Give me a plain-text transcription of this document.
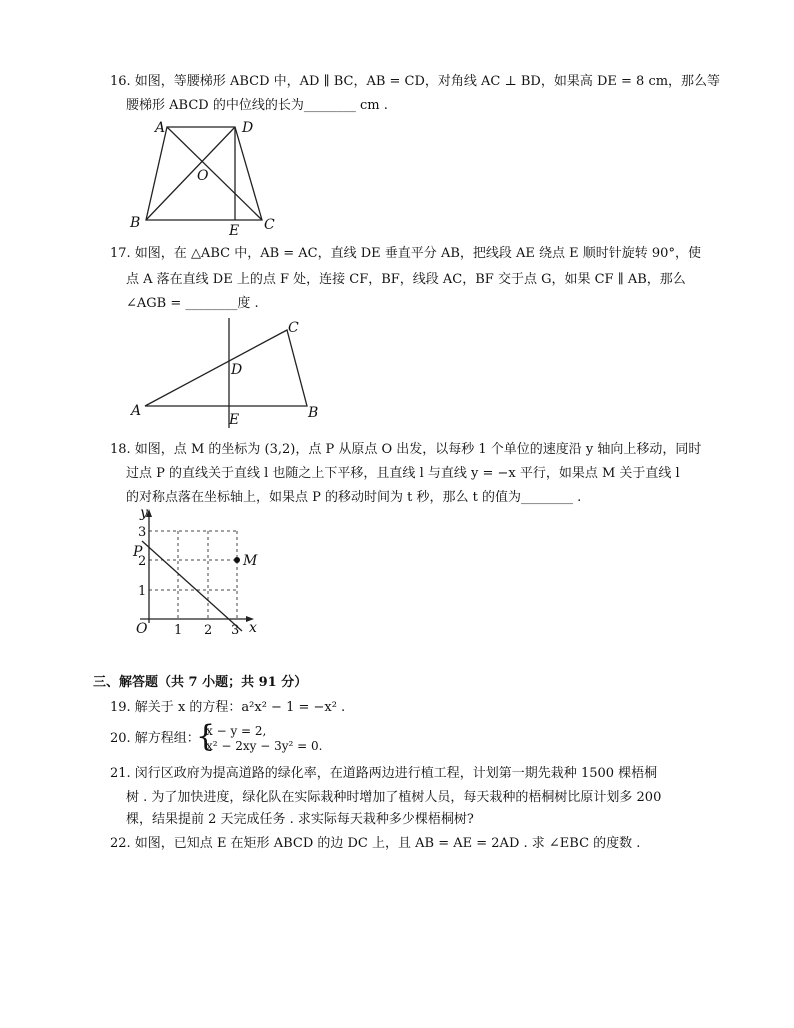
16. 如图，等腰梯形 ABCD 中，AD ∥ BC，AB = CD，对角线 AC ⊥ BD，如果高 DE = 8 cm，那么等
腰梯形 ABCD 的中位线的长为________ cm .
A	D
O
B	E C
17. 如图，在 △ABC 中，AB = AC，直线 DE 垂直平分 AB，把线段 AE 绕点 E 顺时针旋转 90°，使
点 A 落在直线 DE 上的点 F 处，连接 CF，BF，线段 AC，BF 交于点 G，如果 CF ∥ AB，那么
∠AGB = ________度 .
A	B
C
D
E
18. 如图，点 M 的坐标为 (3,2)，点 P 从原点 O 出发，以每秒 1 个单位的速度沿 y 轴向上移动，同时
过点 P 的直线关于直线 l 也随之上下平移，且直线 l 与直线 y = −x 平行，如果点 M 关于直线 l
的对称点落在坐标轴上，如果点 P 的移动时间为 t 秒，那么 t 的值为________ .
y
x
P
M
O
3
2
1
1 2 3
三、解答题（共 7 小题；共 91 分）
19. 解关于 x 的方程：a²x² − 1 = −x² .
20. 解方程组：
{
x − y = 2,
x² − 2xy − 3y² = 0.
21. 闵行区政府为提高道路的绿化率，在道路两边进行植工程，计划第一期先栽种 1500 棵梧桐
树 . 为了加快进度，绿化队在实际栽种时增加了植树人员，每天栽种的梧桐树比原计划多 200
棵，结果提前 2 天完成任务 . 求实际每天栽种多少棵梧桐树?
22. 如图，已知点 E 在矩形 ABCD 的边 DC 上，且 AB = AE = 2AD . 求 ∠EBC 的度数 .
